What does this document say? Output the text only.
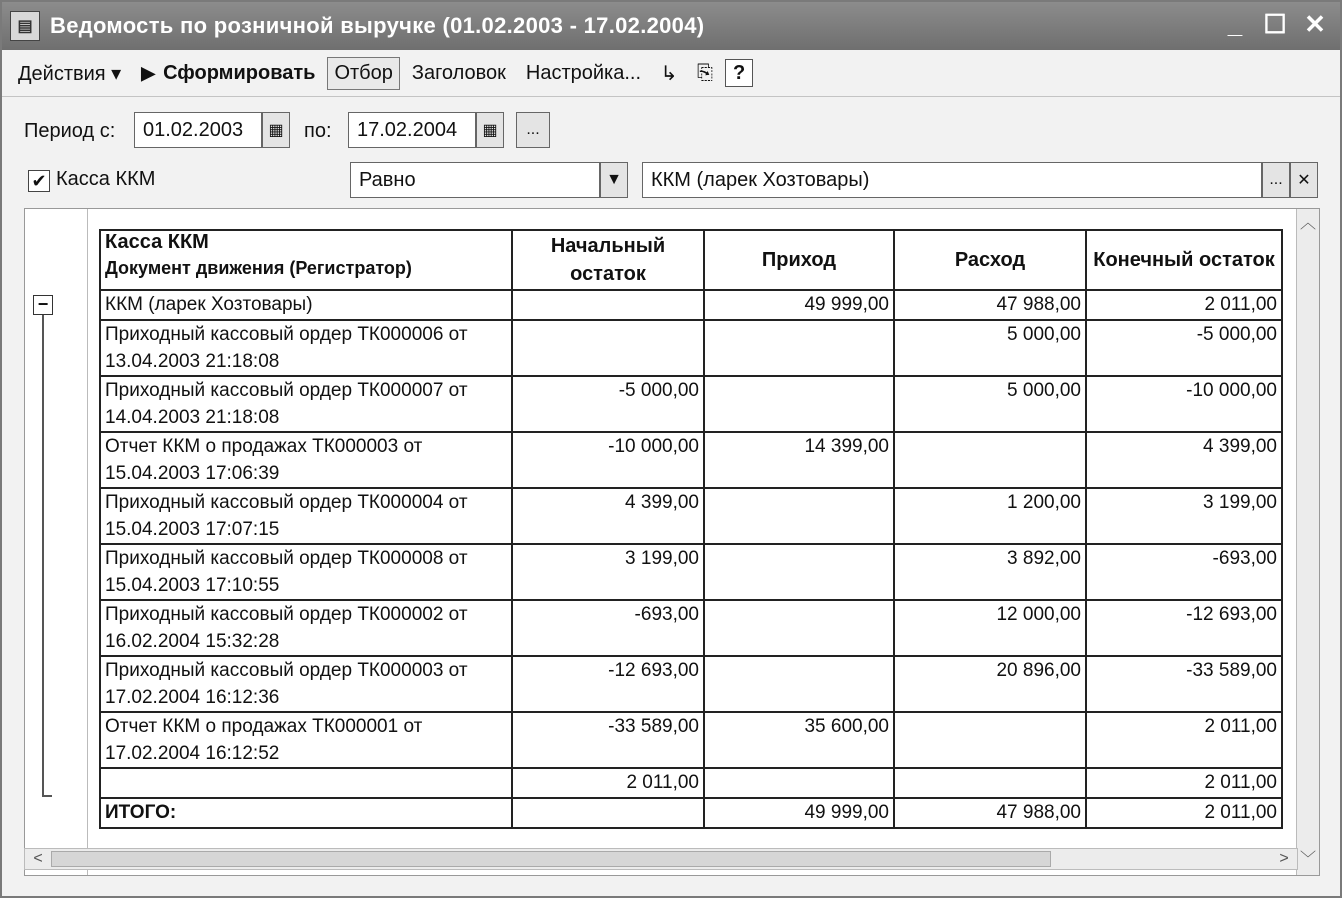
▤ Ведомость по розничной выручке (01.02.2003 - 17.02.2004)	_ ☐ ✕
Действия ▾	▶ Сформировать Отбор Заголовок	Настройка... ↳ ⎘ ?
Период с:	01.02.2003	▦	по:	17.02.2004	▦	...
✔ Касса ККМ	Равно	▼	ККМ (ларек Хозтовары)	... ✕
−
Касса ККМ
Документ движения (Регистратор)	Начальный остаток	Приход	Расход	Конечный остаток
ККМ (ларек Хозтовары)		49 999,00	47 988,00	2 011,00
Приходный кассовый ордер ТК000006 от 13.04.2003 21:18:08			5 000,00	-5 000,00
Приходный кассовый ордер ТК000007 от 14.04.2003 21:18:08	-5 000,00		5 000,00	-10 000,00
Отчет ККМ о продажах ТК000003 от 15.04.2003 17:06:39	-10 000,00	14 399,00		4 399,00
Приходный кассовый ордер ТК000004 от 15.04.2003 17:07:15	4 399,00		1 200,00	3 199,00
Приходный кассовый ордер ТК000008 от 15.04.2003 17:10:55	3 199,00		3 892,00	-693,00
Приходный кассовый ордер ТК000002 от 16.02.2004 15:32:28	-693,00		12 000,00	-12 693,00
Приходный кассовый ордер ТК000003 от 17.02.2004 16:12:36	-12 693,00		20 896,00	-33 589,00
Отчет ККМ о продажах ТК000001 от 17.02.2004 16:12:52	-33 589,00	35 600,00		2 011,00
	2 011,00			2 011,00
ИТОГО:		49 999,00	47 988,00	2 011,00
︿
﹀
<	>
